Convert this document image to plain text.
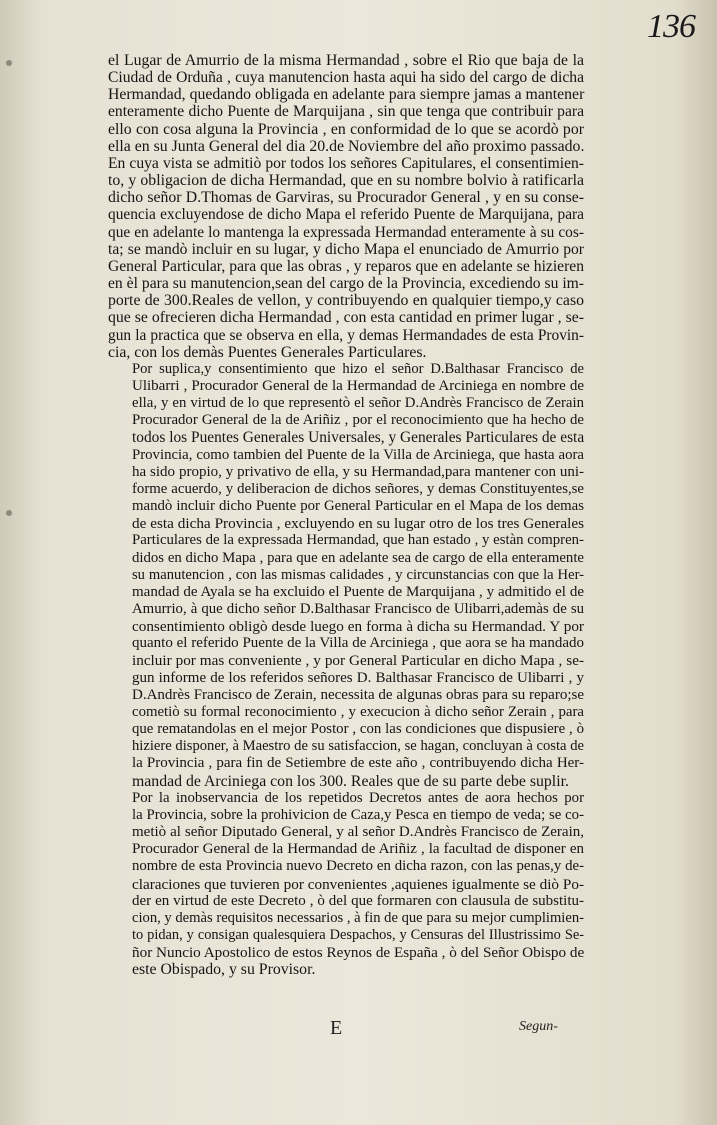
136

el Lugar de Amurrio de la misma Hermandad , sobre el Rio que baja de la
Ciudad de Orduña , cuya manutencion hasta aqui ha sido del cargo de dicha
Hermandad, quedando obligada en adelante para siempre jamas a mantener
enteramente dicho Puente de Marquijana , sin que tenga que contribuir para
ello con cosa alguna la Provincia , en conformidad de lo que se acordò por
ella en su Junta General del dia 20.de Noviembre del año proximo passado.
En cuya vista se admitiò por todos los señores Capitulares, el consentimien-
to, y obligacion de dicha Hermandad, que en su nombre bolvio à ratificarla
dicho señor D.Thomas de Garviras, su Procurador General , y en su conse-
quencia excluyendose de dicho Mapa el referido Puente de Marquijana, para
que en adelante lo mantenga la expressada Hermandad enteramente à su cos-
ta; se mandò incluir en su lugar, y dicho Mapa el enunciado de Amurrio por
General Particular, para que las obras , y reparos que en adelante se hizieren
en èl para su manutencion,sean del cargo de la Provincia, excediendo su im-
porte de 300.Reales de vellon, y contribuyendo en qualquier tiempo,y caso
que se ofrecieren dicha Hermandad , con esta cantidad en primer lugar , se-
gun la practica que se observa en ella, y demas Hermandades de esta Provin-
cia, con los demàs Puentes Generales Particulares.

Por suplica,y consentimiento que hizo el señor D.Balthasar Francisco de
Ulibarri , Procurador General de la Hermandad de Arciniega en nombre de
ella, y en virtud de lo que representò el señor D.Andrès Francisco de Zerain
Procurador General de la de Ariñiz , por el reconocimiento que ha hecho de
todos los Puentes Generales Universales, y Generales Particulares de esta
Provincia, como tambien del Puente de la Villa de Arciniega, que hasta aora
ha sido propio, y privativo de ella, y su Hermandad,para mantener con uni-
forme acuerdo, y deliberacion de dichos señores, y demas Constituyentes,se
mandò incluir dicho Puente por General Particular en el Mapa de los demas
de esta dicha Provincia , excluyendo en su lugar otro de los tres Generales
Particulares de la expressada Hermandad, que han estado , y estàn compren-
didos en dicho Mapa , para que en adelante sea de cargo de ella enteramente
su manutencion , con las mismas calidades , y circunstancias con que la Her-
mandad de Ayala se ha excluido el Puente de Marquijana , y admitido el de
Amurrio, à que dicho señor D.Balthasar Francisco de Ulibarri,ademàs de su
consentimiento obligò desde luego en forma à dicha su Hermandad. Y por
quanto el referido Puente de la Villa de Arciniega , que aora se ha mandado
incluir por mas conveniente , y por General Particular en dicho Mapa , se-
gun informe de los referidos señores D. Balthasar Francisco de Ulibarri , y
D.Andrès Francisco de Zerain, necessita de algunas obras para su reparo;se
cometiò su formal reconocimiento , y execucion à dicho señor Zerain , para
que rematandolas en el mejor Postor , con las condiciones que dispusiere , ò
hiziere disponer, à Maestro de su satisfaccion, se hagan, concluyan à costa de
la Provincia , para fin de Setiembre de este año , contribuyendo dicha Her-
mandad de Arciniega con los 300. Reales que de su parte debe suplir.

Por la inobservancia de los repetidos Decretos antes de aora hechos por
la Provincia, sobre la prohivicion de Caza,y Pesca en tiempo de veda; se co-
metiò al señor Diputado General, y al señor D.Andrès Francisco de Zerain,
Procurador General de la Hermandad de Ariñiz , la facultad de disponer en
nombre de esta Provincia nuevo Decreto en dicha razon, con las penas,y de-
claraciones que tuvieren por convenientes ,aquienes igualmente se diò Po-
der en virtud de este Decreto , ò del que formaren con clausula de substitu-
cion, y demàs requisitos necessarios , à fin de que para su mejor cumplimien-
to pidan, y consigan qualesquiera Despachos, y Censuras del Illustrissimo Se-
ñor Nuncio Apostolico de estos Reynos de España , ò del Señor Obispo de
este Obispado, y su Provisor.

E	Segun-
